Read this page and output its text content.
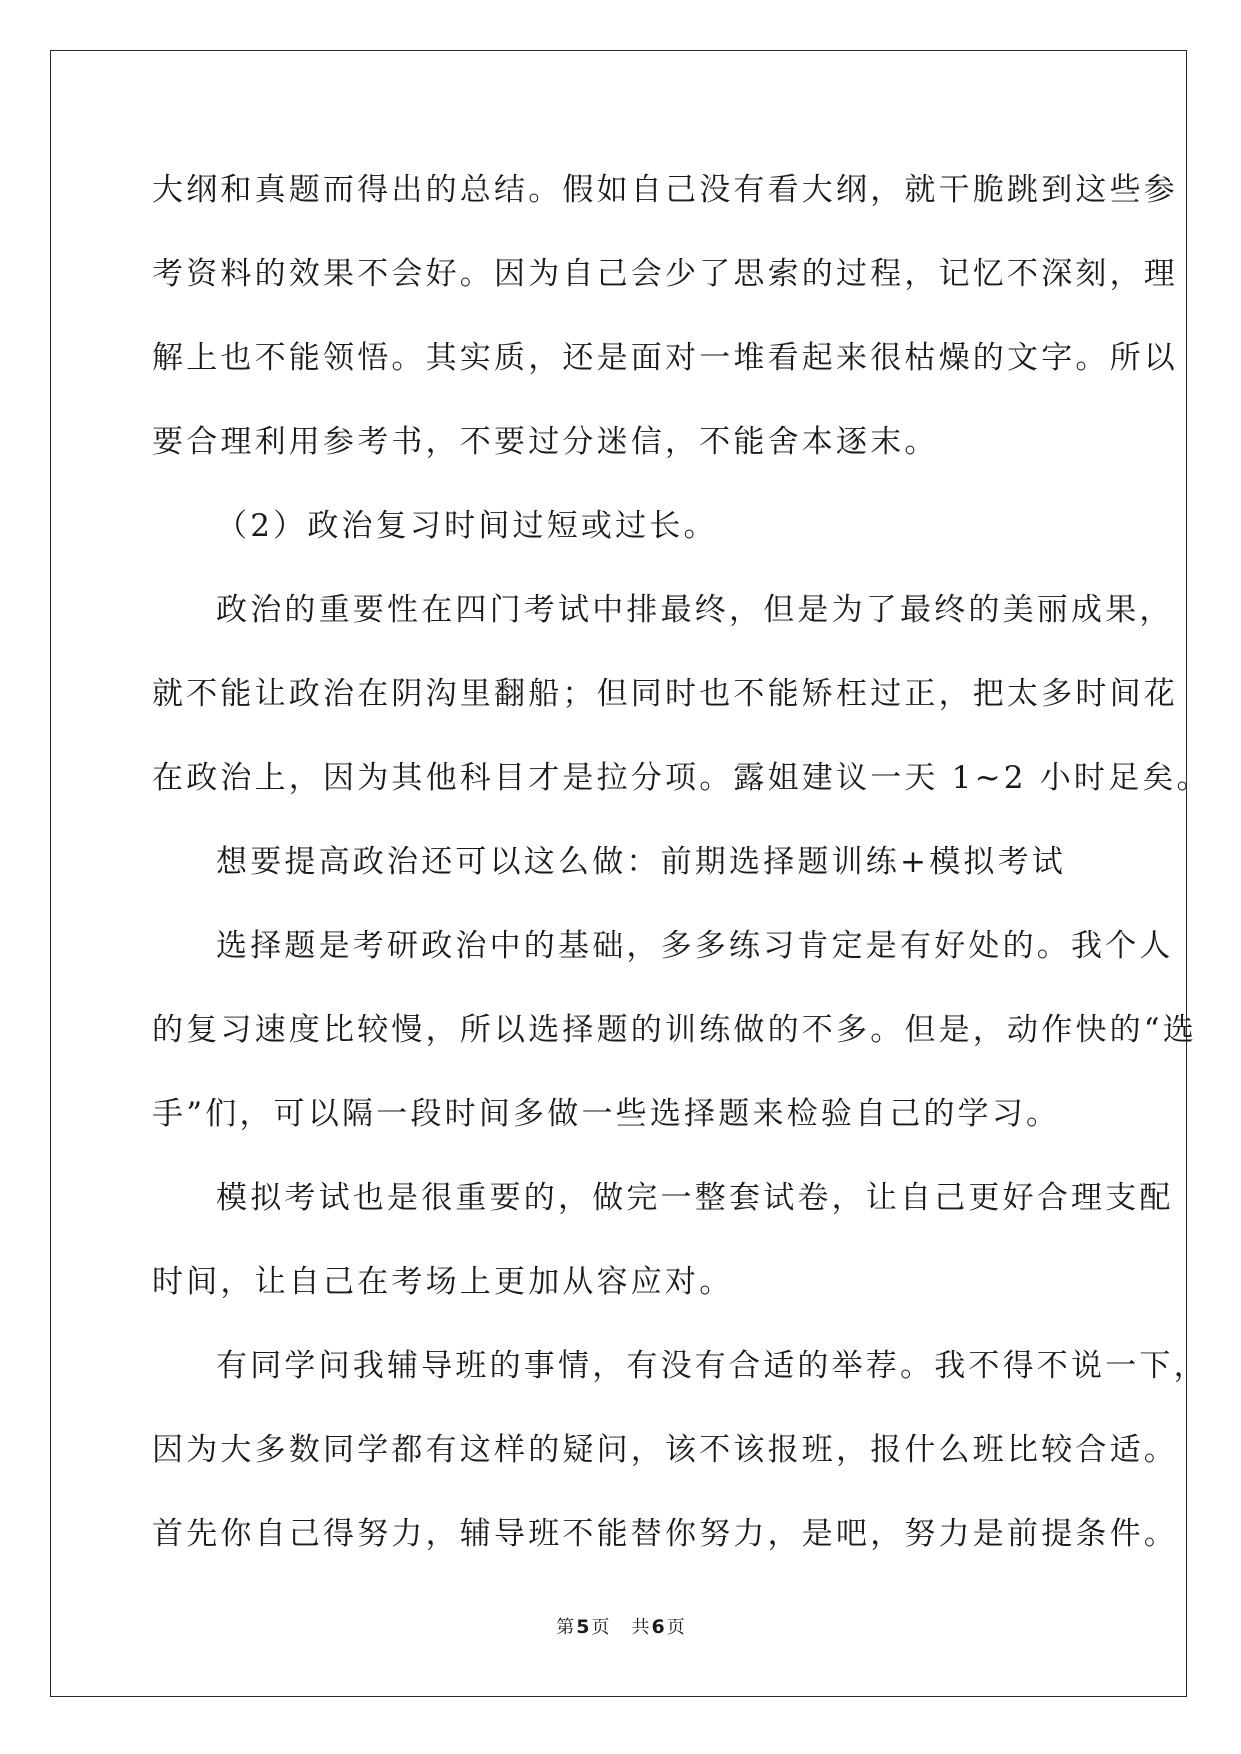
大纲和真题而得出的总结。假如自己没有看大纲，就干脆跳到这些参
考资料的效果不会好。因为自己会少了思索的过程，记忆不深刻，理
解上也不能领悟。其实质，还是面对一堆看起来很枯燥的文字。所以
要合理利用参考书，不要过分迷信，不能舍本逐末。
（2）政治复习时间过短或过长。
政治的重要性在四门考试中排最终，但是为了最终的美丽成果，
就不能让政治在阴沟里翻船；但同时也不能矫枉过正，把太多时间花
在政治上，因为其他科目才是拉分项。露姐建议一天 1~2 小时足矣。
想要提高政治还可以这么做：前期选择题训练+模拟考试
选择题是考研政治中的基础，多多练习肯定是有好处的。我个人
的复习速度比较慢，所以选择题的训练做的不多。但是，动作快的“选
手”们，可以隔一段时间多做一些选择题来检验自己的学习。
模拟考试也是很重要的，做完一整套试卷，让自己更好合理支配
时间，让自己在考场上更加从容应对。
有同学问我辅导班的事情，有没有合适的举荐。我不得不说一下，
因为大多数同学都有这样的疑问，该不该报班，报什么班比较合适。
首先你自己得努力，辅导班不能替你努力，是吧，努力是前提条件。
第 5 页 共 6 页
